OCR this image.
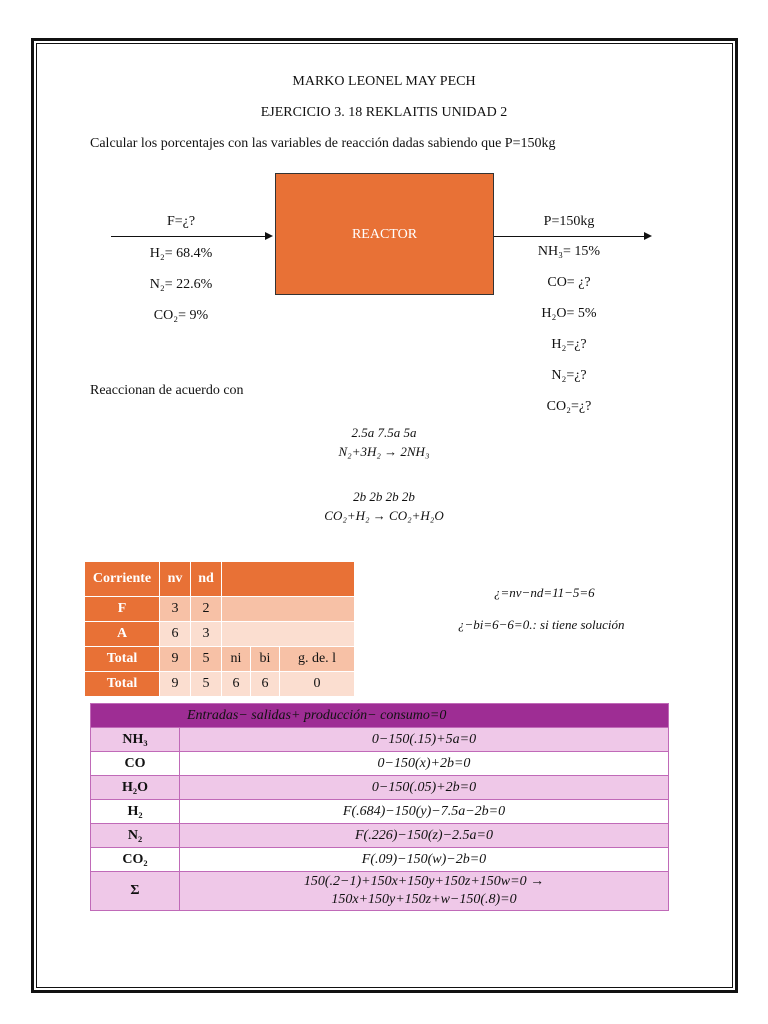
MARKO LEONEL MAY PECH
EJERCICIO 3. 18 REKLAITIS UNIDAD 2
Calcular los porcentajes con las variables de reacción dadas sabiendo que P=150kg
REACTOR
F=¿?
H₂= 68.4%
N₂= 22.6%
CO₂= 9%
P=150kg
NH₃= 15%
CO= ¿?
H₂O= 5%
H₂=¿?
N₂=¿?
CO₂=¿?
Reaccionan de acuerdo con
2.5a 7.5a 5a
N₂+3H₂ → 2NH₃
2b 2b 2b 2b
CO₂+H₂ → CO₂+H₂O
Corriente	nv	nd			
F	3	2			
A	6	3			
Total	9	5	ni	bi	g. de. l
Total	9	5	6	6	0
¿=nv−nd=11−5=6
¿−bi=6−6=0.: si tiene solución
Entradas− salidas+ producción− consumo=0	
NH₃	0−150(.15)+5a=0
CO	0−150(x)+2b=0
H₂O	0−150(.05)+2b=0
H₂	F(.684)−150(y)−7.5a−2b=0
N₂	F(.226)−150(z)−2.5a=0
CO₂	F(.09)−150(w)−2b=0
Σ	150(.2−1)+150x+150y+150z+150w=0 →
150x+150y+150z+w−150(.8)=0
